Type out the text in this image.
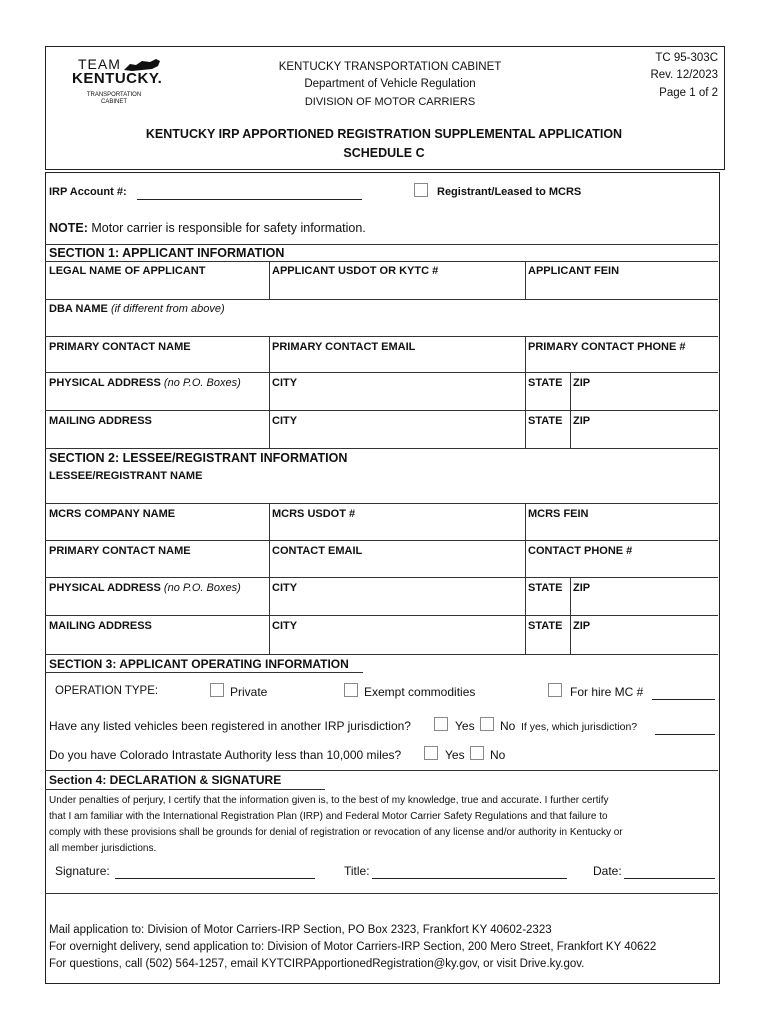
TEAM
KENTUCKY.
TRANSPORTATION CABINET
KENTUCKY TRANSPORTATION CABINET
Department of Vehicle Regulation
DIVISION OF MOTOR CARRIERS
TC 95-303C
Rev. 12/2023
Page 1 of 2
KENTUCKY IRP APPORTIONED REGISTRATION SUPPLEMENTAL APPLICATION
SCHEDULE C
IRP Account #:	Registrant/Leased to MCRS
NOTE: Motor carrier is responsible for safety information.
SECTION 1: APPLICANT INFORMATION
LEGAL NAME OF APPLICANT	APPLICANT USDOT OR KYTC #	APPLICANT FEIN
DBA NAME (if different from above)
PRIMARY CONTACT NAME	PRIMARY CONTACT EMAIL	PRIMARY CONTACT PHONE #
PHYSICAL ADDRESS (no P.O. Boxes)	CITY	STATE ZIP
MAILING ADDRESS	CITY	STATE ZIP
SECTION 2: LESSEE/REGISTRANT INFORMATION
LESSEE/REGISTRANT NAME
MCRS COMPANY NAME	MCRS USDOT #	MCRS FEIN
PRIMARY CONTACT NAME	CONTACT EMAIL	CONTACT PHONE #
PHYSICAL ADDRESS (no P.O. Boxes)	CITY	STATE ZIP
MAILING ADDRESS	CITY	STATE ZIP
SECTION 3: APPLICANT OPERATING INFORMATION
OPERATION TYPE:	Private	Exempt commodities	For hire MC #
Have any listed vehicles been registered in another IRP jurisdiction?	Yes No If yes, which jurisdiction?
Do you have Colorado Intrastate Authority less than 10,000 miles?	Yes No
Section 4: DECLARATION & SIGNATURE
Under penalties of perjury, I certify that the information given is, to the best of my knowledge, true and accurate. I further certify
that I am familiar with the International Registration Plan (IRP) and Federal Motor Carrier Safety Regulations and that failure to
comply with these provisions shall be grounds for denial of registration or revocation of any license and/or authority in Kentucky or
all member jurisdictions.
Signature:	Title:	Date:
Mail application to: Division of Motor Carriers-IRP Section, PO Box 2323, Frankfort KY 40602-2323
For overnight delivery, send application to: Division of Motor Carriers-IRP Section, 200 Mero Street, Frankfort KY 40622
For questions, call (502) 564-1257, email KYTCIRPApportionedRegistration@ky.gov, or visit Drive.ky.gov.
